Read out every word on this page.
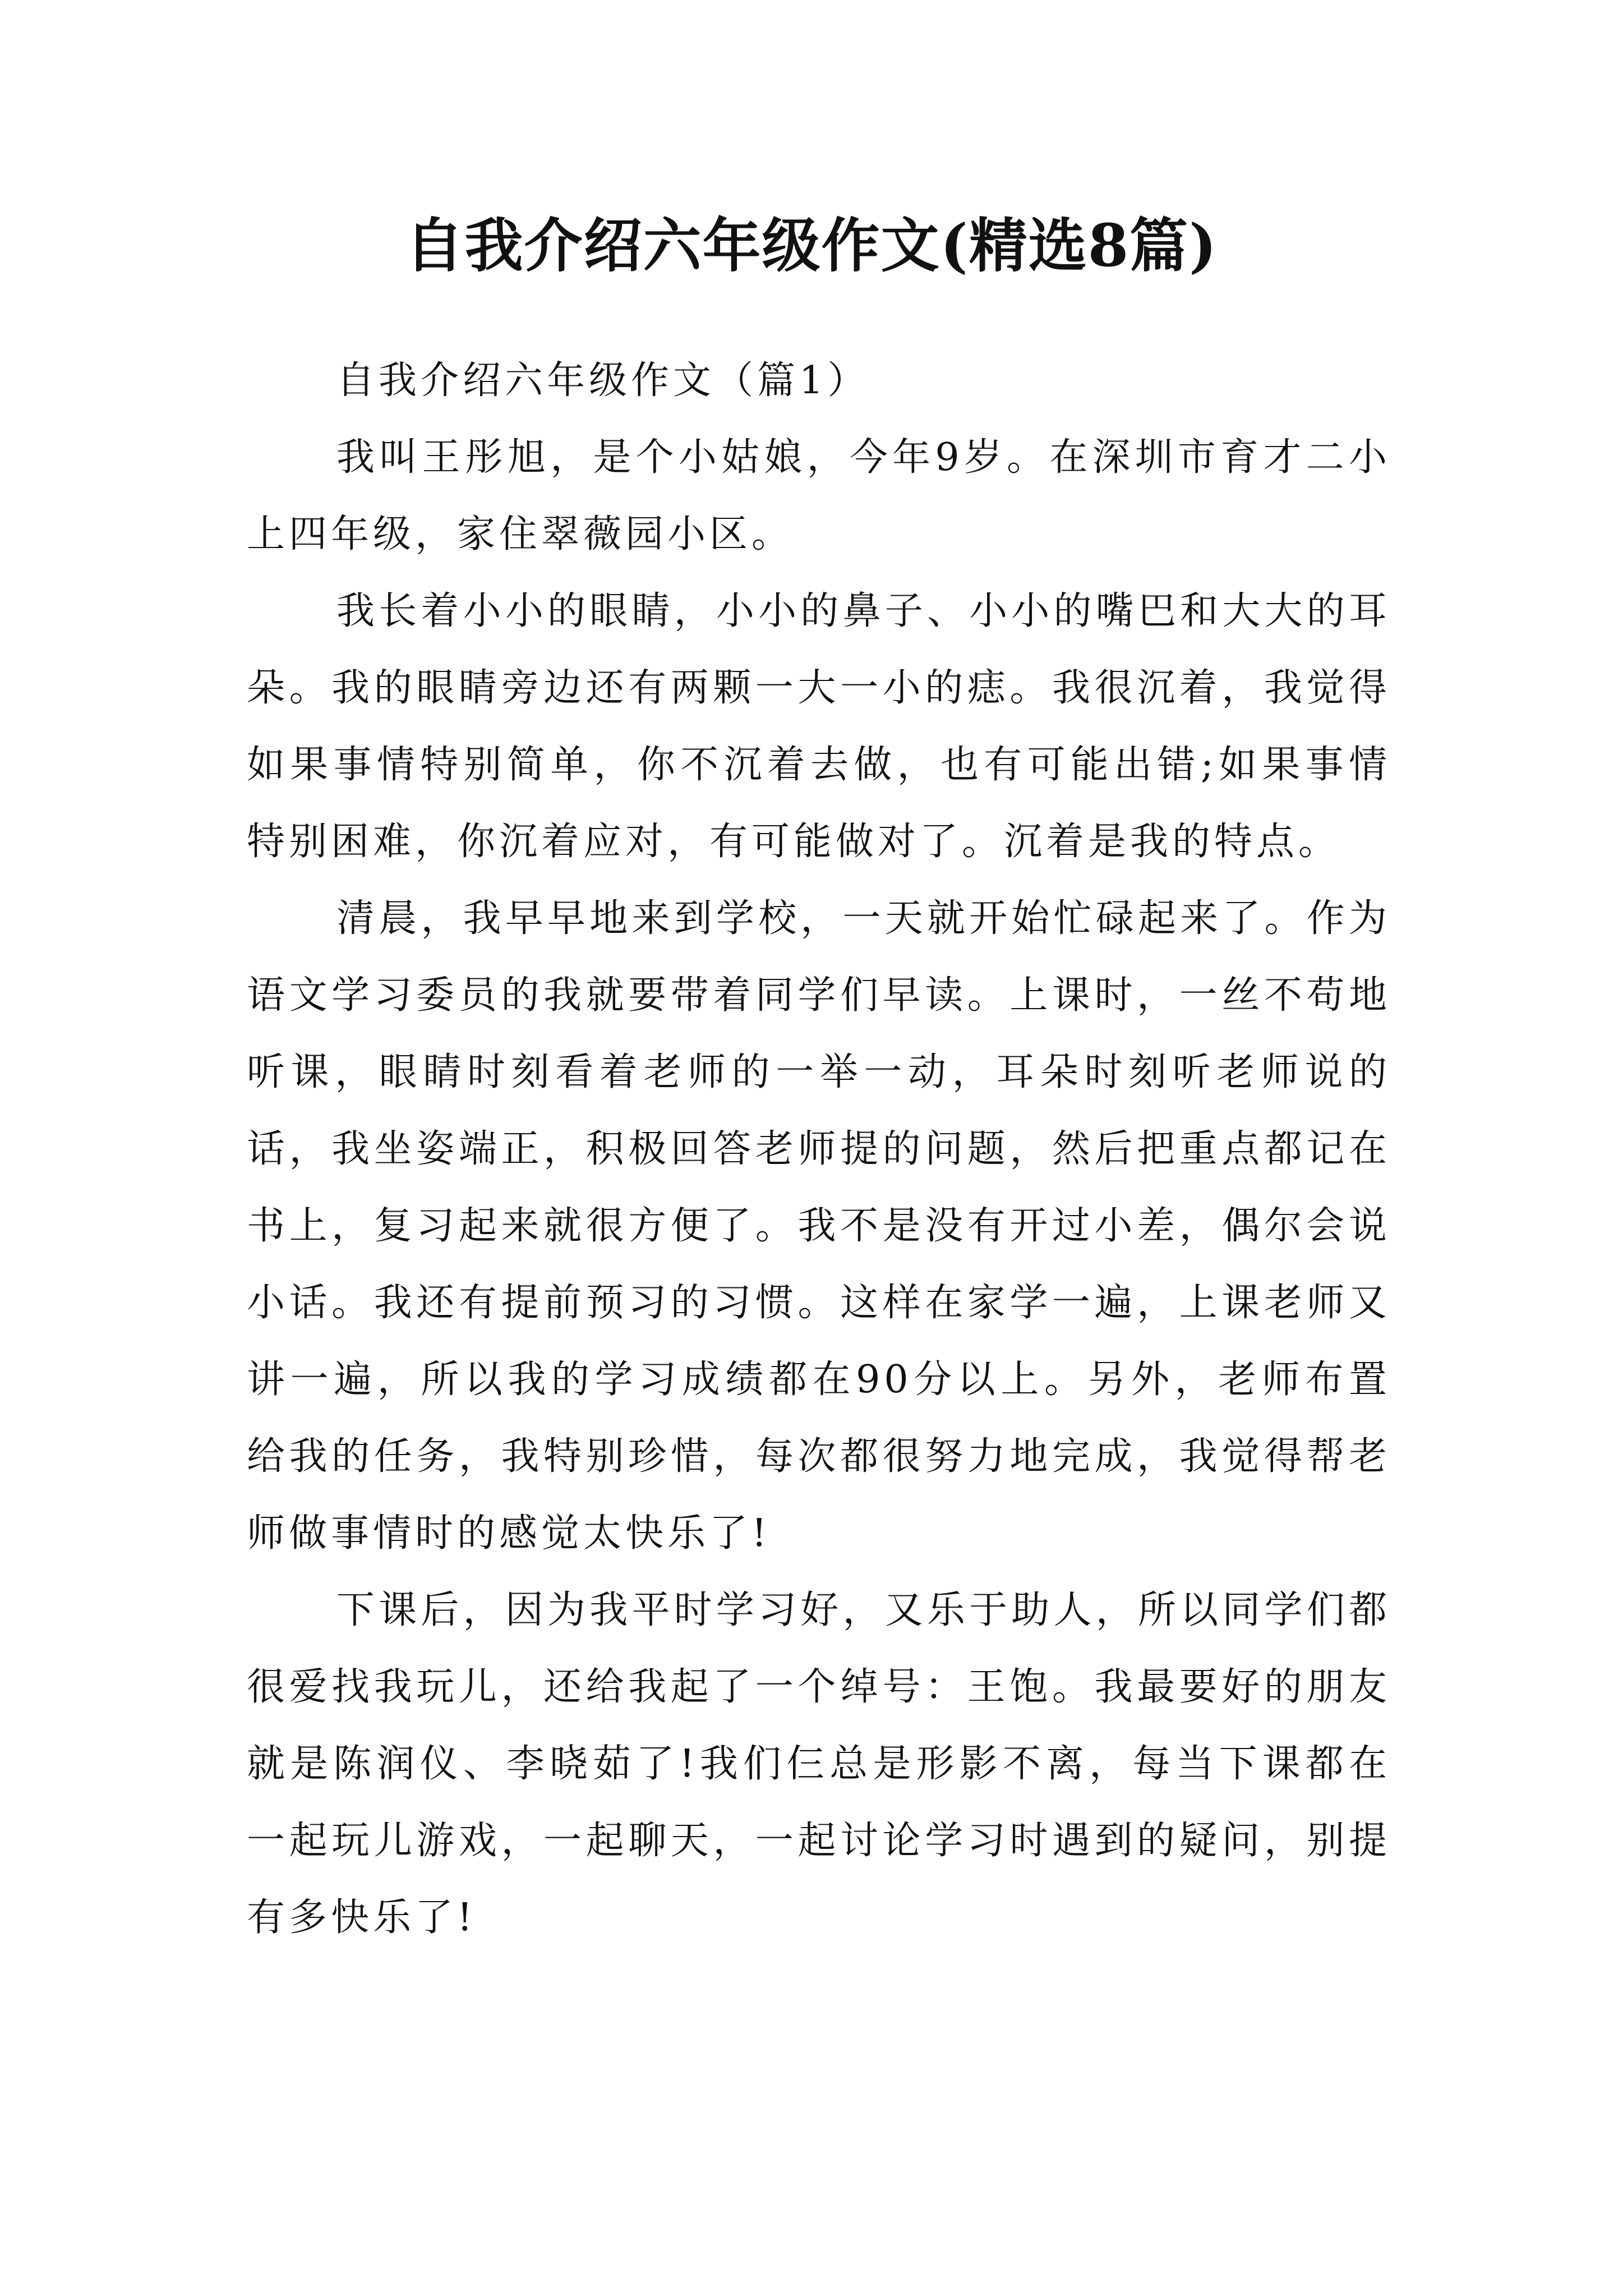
自我介绍六年级作文(精选8篇)

自我介绍六年级作文（篇1）

我叫王彤旭，是个小姑娘，今年9岁。在深圳市育才二小上四年级，家住翠薇园小区。

我长着小小的眼睛，小小的鼻子、小小的嘴巴和大大的耳朵。我的眼睛旁边还有两颗一大一小的痣。我很沉着，我觉得如果事情特别简单，你不沉着去做，也有可能出错;如果事情特别困难，你沉着应对，有可能做对了。沉着是我的特点。

清晨，我早早地来到学校，一天就开始忙碌起来了。作为语文学习委员的我就要带着同学们早读。上课时，一丝不苟地听课，眼睛时刻看着老师的一举一动，耳朵时刻听老师说的话，我坐姿端正，积极回答老师提的问题，然后把重点都记在书上，复习起来就很方便了。我不是没有开过小差，偶尔会说小话。我还有提前预习的习惯。这样在家学一遍，上课老师又讲一遍，所以我的学习成绩都在90分以上。另外，老师布置给我的任务，我特别珍惜，每次都很努力地完成，我觉得帮老师做事情时的感觉太快乐了!

下课后，因为我平时学习好，又乐于助人，所以同学们都很爱找我玩儿，还给我起了一个绰号：王饱。我最要好的朋友就是陈润仪、李晓茹了!我们仨总是形影不离，每当下课都在一起玩儿游戏，一起聊天，一起讨论学习时遇到的疑问，别提有多快乐了!
